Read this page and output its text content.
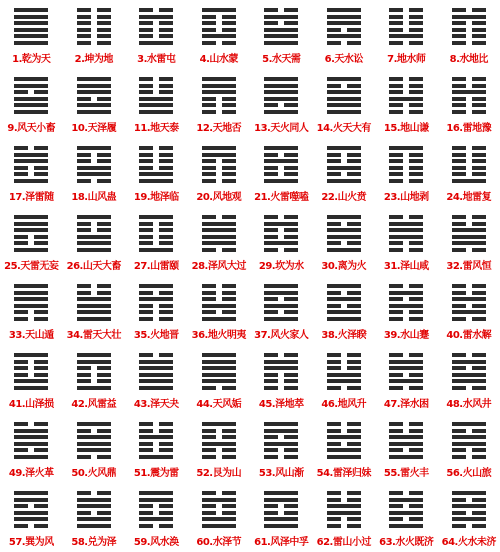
1.乾为天	2.坤为地	3.水雷屯	4.山水蒙	5.水天需	6.天水讼	7.地水师	8.水地比
9.风天小畜	10.天泽履	11.地天泰	12.天地否	13.天火同人 14.火天大有	15.地山谦	16.雷地豫
17.泽雷随	18.山风蛊	19.地泽临	20.风地观	21.火雷噬嗑	22.山火贲	23.山地剥	24.地雷复
25.天雷无妄 26.山天大畜	27.山雷颐	28.泽风大过	29.坎为水	30.离为火	31.泽山咸	32.雷风恒
33.天山遁	34.雷天大壮	35.火地晋	36.地火明夷 37.风火家人	38.火泽睽	39.水山蹇	40.雷水解
41.山泽损	42.风雷益	43.泽天夬	44.天风姤	45.泽地萃	46.地风升	47.泽水困	48.水风井
49.泽火革	50.火风鼎	51.震为雷	52.艮为山	53.风山渐	54.雷泽归妹	55.雷火丰	56.火山旅
57.巽为风	58.兑为泽	59.风水涣	60.水泽节	61.风泽中孚 62.雷山小过 63.水火既济 64.火水未济
